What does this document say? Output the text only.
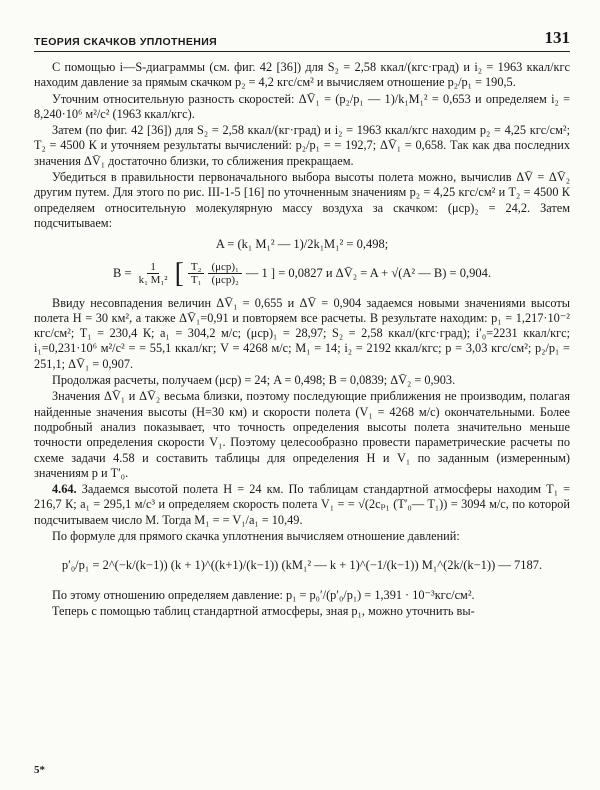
ТЕОРИЯ СКАЧКОВ УПЛОТНЕНИЯ	131

С помощью i—S-диаграммы (см. фиг. 42 [36]) для S₂ = 2,58 ккал/(кгс·град) и i₂ = 1963 ккал/кгс находим давление за прямым скачком p₂ = 4,2 кгс/см² и вычисляем отношение p₂/p₁ = 190,5.

Уточним относительную разность скоростей: ΔV̄₁ = (p₂/p₁ — 1)/k₁M₁² = 0,653 и определяем i₂ = 8,240·10⁶ м²/с² (1963 ккал/кгс).

Затем (по фиг. 42 [36]) для S₂ = 2,58 ккал/(кг·град) и i₂ = 1963 ккал/кгс находим p₂ = 4,25 кгс/см²; T₂ = 4500 К и уточняем результаты вычислений: p₂/p₁ = = 192,7; ΔV̄₁ = 0,658. Так как два последних значения ΔV̄₁ достаточно близки, то сближения прекращаем.

Убедиться в правильности первоначального выбора высоты полета можно, вычислив ΔV̄ = ΔV̄₂ другим путем. Для этого по рис. III-1-5 [16] по уточненным значениям p₂ = 4,25 кгс/см² и T₂ = 4500 К определяем относительную молекулярную массу воздуха за скачком: (μср)₂ = 24,2. Затем подсчитываем:

A = (k₁ M₁² — 1)/2k₁M₁² = 0,498;
$B = \frac{1}{\text{k₁ M₁²}}$ [ $\frac{\text{T₂}}{\text{T₁}} \frac{\text{(μср)₁}}{\text{(μср)₂}}$ — 1 ] = 0,0827 и ΔV̄₂ = A + √(A² — B) = 0,904.

Ввиду несовпадения величин ΔV̄₁ = 0,655 и ΔV̄ = 0,904 задаемся новыми значениями высоты полета H = 30 км², а также ΔV̄₁=0,91 и повторяем все расчеты. В результате находим: p₁ = 1,217·10⁻² кгс/см²; T₁ = 230,4 К; a₁ = 304,2 м/с; (μср)₁ = 28,97; S₂ = 2,58 ккал/(кгс·град); i′₀=2231 ккал/кгс; i₁=0,231·10⁶ м²/с² = = 55,1 ккал/кг; V = 4268 м/с; M₁ = 14; i₂ = 2192 ккал/кгс; p = 3,03 кгс/см²; p₂/p₁ = 251,1; ΔV̄₁ = 0,907.

Продолжая расчеты, получаем (μср) = 24; A = 0,498; B = 0,0839; ΔV̄₂ = 0,903.

Значения ΔV̄₁ и ΔV̄₂ весьма близки, поэтому последующие приближения не производим, полагая найденные значения высоты (H=30 км) и скорости полета (V₁ = 4268 м/с) окончательными. Более подробный анализ показывает, что точность определения высоты полета значительно меньше точности определения скорости V₁. Поэтому целесообразно провести параметрические расчеты по схеме задачи 4.58 и составить таблицы для определения H и V₁ по заданным (измеренным) значениям p и T′₀.

4.64. Задаемся высотой полета H = 24 км. По таблицам стандартной атмосферы находим T₁ = 216,7 К; a₁ = 295,1 м/с³ и определяем скорость полета V₁ = = √(2cₚ₁ (T′₀— T₁)) = 3094 м/с, по которой подсчитываем число M. Тогда M₁ = = V₁/a₁ = 10,49.

По формуле для прямого скачка уплотнения вычисляем отношение давлений:

p′₀/p₁ = 2^(−k/(k−1)) (k + 1)^((k+1)/(k−1)) (kM₁² — k + 1)^(−1/(k−1)) M₁^(2k/(k−1)) — 7187.

По этому отношению определяем давление: p₁ = p₀′/(p′₀/p₁) = 1,391 · 10⁻³кгс/см².

Теперь с помощью таблиц стандартной атмосферы, зная p₁, можно уточнить вы-

5*
